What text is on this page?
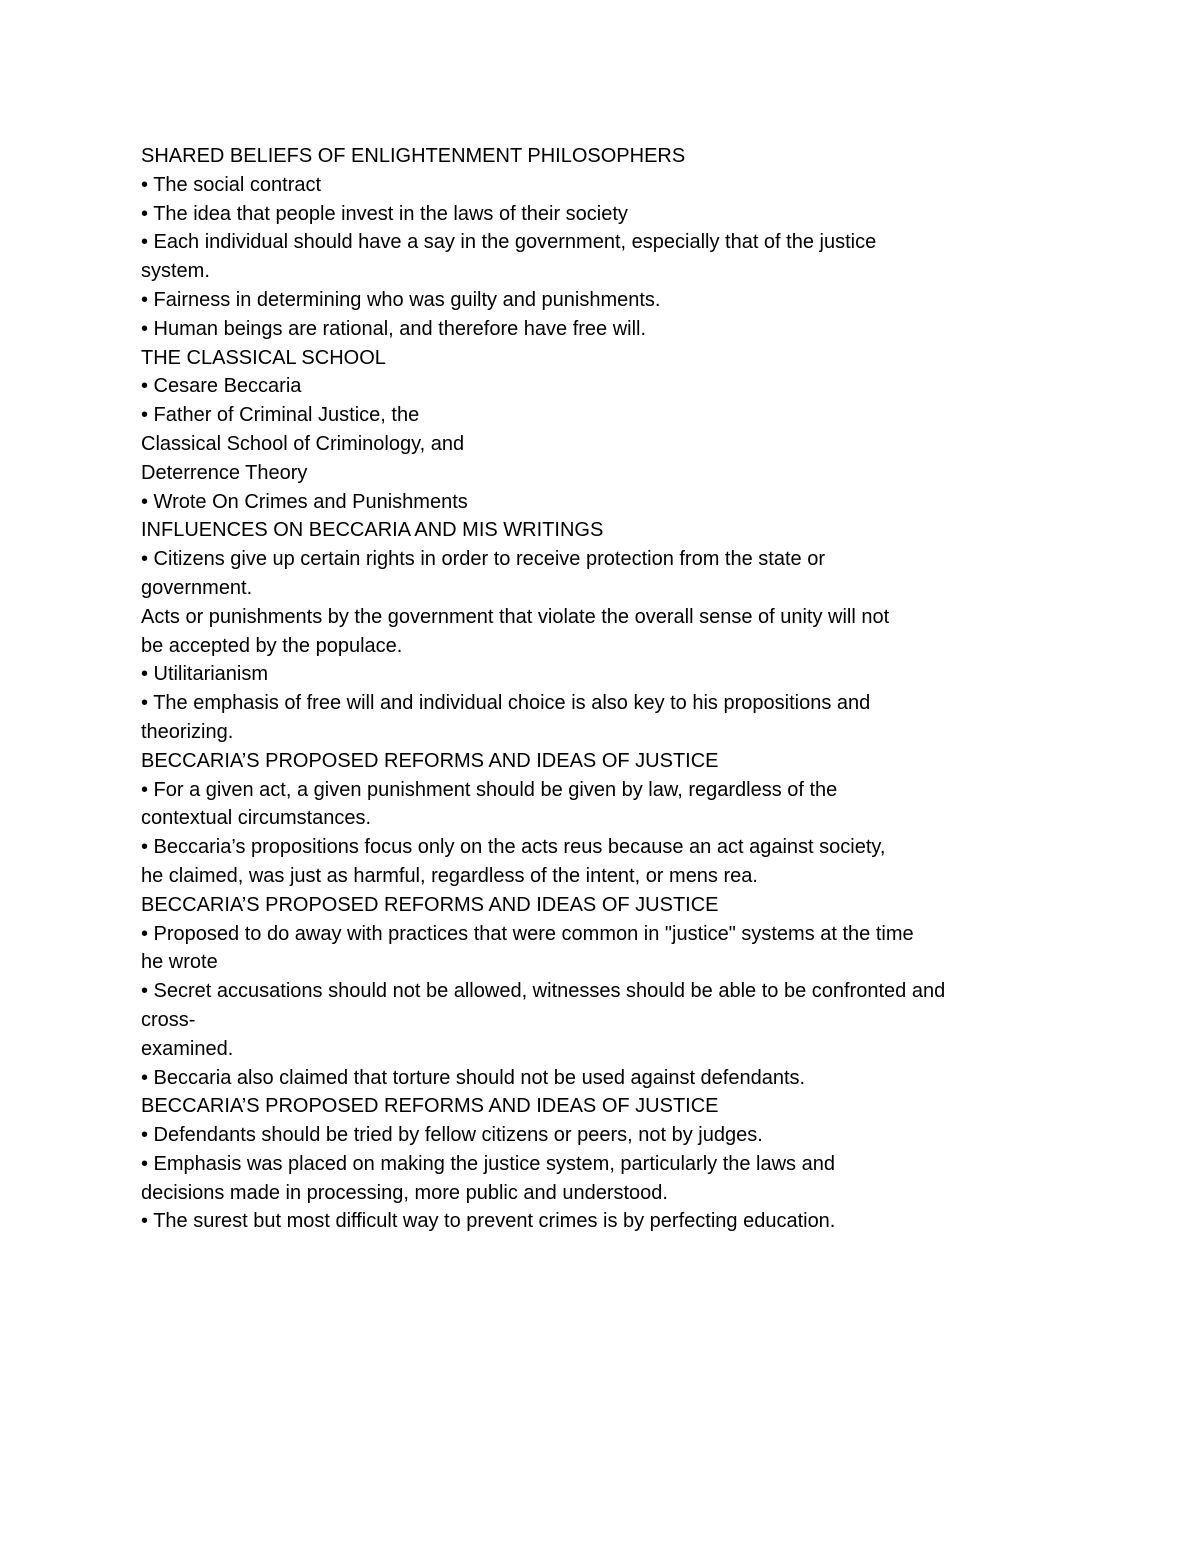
SHARED BELIEFS OF ENLIGHTENMENT PHILOSOPHERS
• The social contract
• The idea that people invest in the laws of their society
• Each individual should have a say in the government, especially that of the justice
system.
• Fairness in determining who was guilty and punishments.
• Human beings are rational, and therefore have free will.
THE CLASSICAL SCHOOL
• Cesare Beccaria
• Father of Criminal Justice, the
Classical School of Criminology, and
Deterrence Theory
• Wrote On Crimes and Punishments
INFLUENCES ON BECCARIA AND MIS WRITINGS
• Citizens give up certain rights in order to receive protection from the state or
government.
Acts or punishments by the government that violate the overall sense of unity will not
be accepted by the populace.
• Utilitarianism
• The emphasis of free will and individual choice is also key to his propositions and
theorizing.
BECCARIA’S PROPOSED REFORMS AND IDEAS OF JUSTICE
• For a given act, a given punishment should be given by law, regardless of the
contextual circumstances.
• Beccaria’s propositions focus only on the acts reus because an act against society,
he claimed, was just as harmful, regardless of the intent, or mens rea.
BECCARIA’S PROPOSED REFORMS AND IDEAS OF JUSTICE
• Proposed to do away with practices that were common in "justice" systems at the time
he wrote
• Secret accusations should not be allowed, witnesses should be able to be confronted and
cross-
examined.
• Beccaria also claimed that torture should not be used against defendants.
BECCARIA’S PROPOSED REFORMS AND IDEAS OF JUSTICE
• Defendants should be tried by fellow citizens or peers, not by judges.
• Emphasis was placed on making the justice system, particularly the laws and
decisions made in processing, more public and understood.
• The surest but most difficult way to prevent crimes is by perfecting education.
